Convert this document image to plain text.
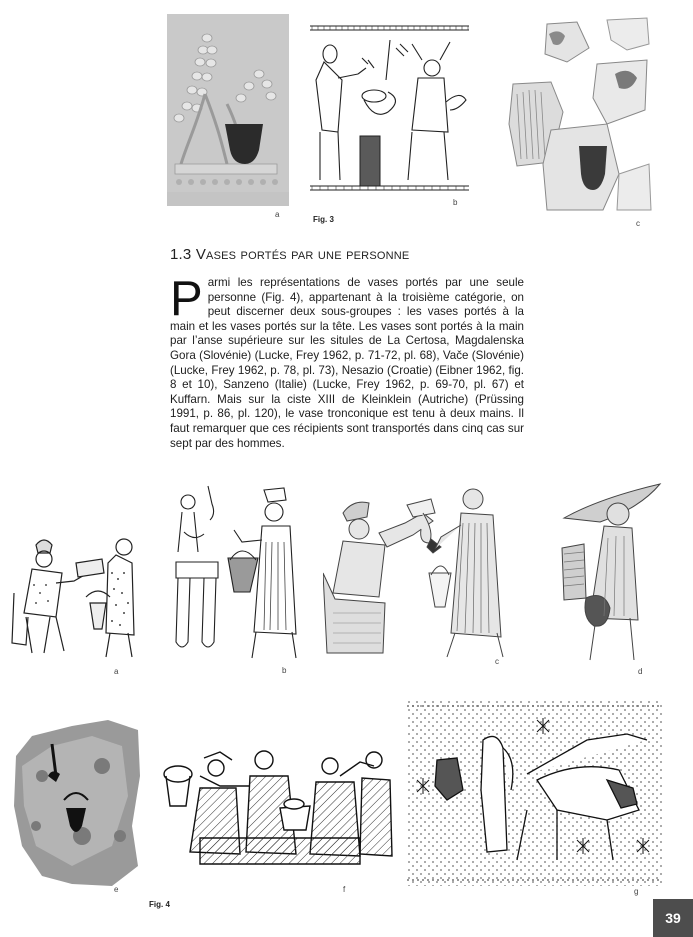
a
b
c
Fig. 3
1.3 Vases portés par une personne
P armi les représentations de vases portés par une seule personne (Fig. 4), appartenant à la troisième catégorie, on peut discerner deux sous-groupes : les vases portés à la main et les vases portés sur la tête. Les vases sont portés à la main par l’anse supérieure sur les situles de La Certosa, Magdalenska Gora (Slovénie) (Lucke, Frey 1962, p. 71-72, pl. 68), Vače (Slovénie) (Lucke, Frey 1962, p. 78, pl. 73), Nesazio (Croatie) (Eibner 1962, fig. 8 et 10), Sanzeno (Italie) (Lucke, Frey 1962, p. 69-70, pl. 67) et Kuffarn. Mais sur la ciste XIII de Kleinklein (Autriche) (Prüssing 1991, p. 86, pl. 120), le vase tronconique est tenu à deux mains. Il faut remarquer que ces récipients sont transportés dans cinq cas sur sept par des hommes.
a	b
c
d
e	f	g
Fig. 4
39
